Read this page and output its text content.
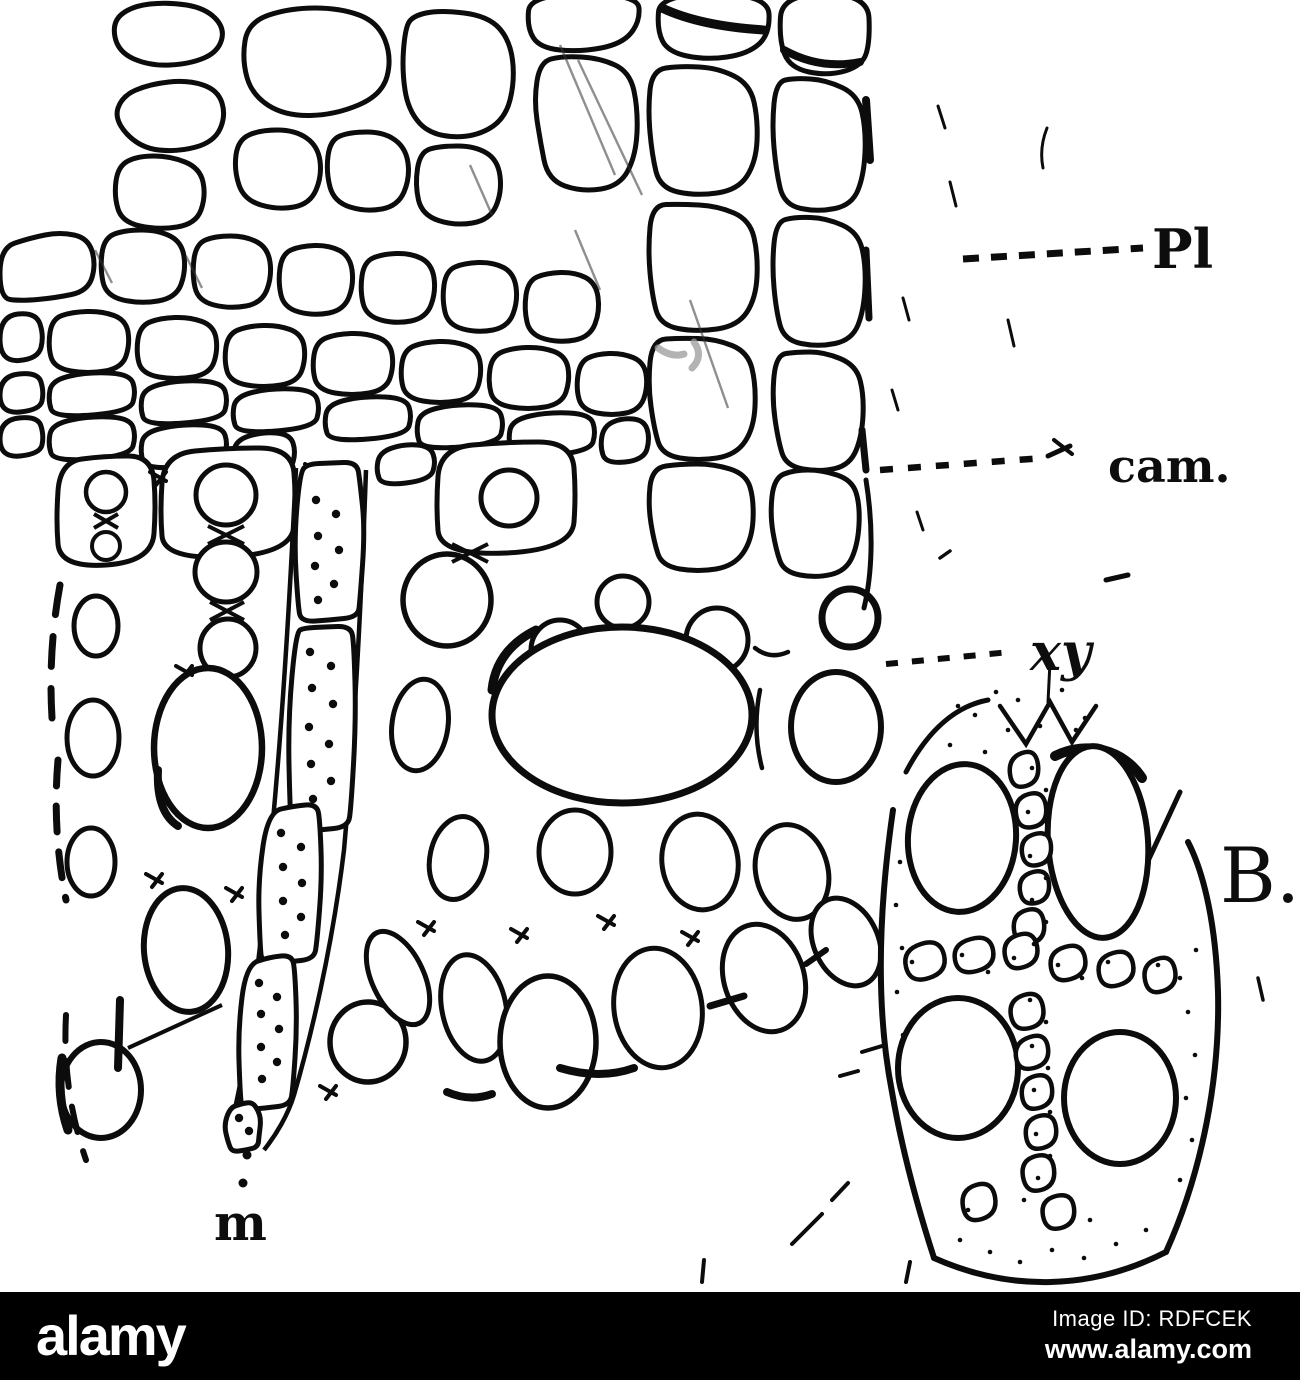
Pl
cam.
xy
B.
m
alamy	Image ID: RDFCEK
www.alamy.com
